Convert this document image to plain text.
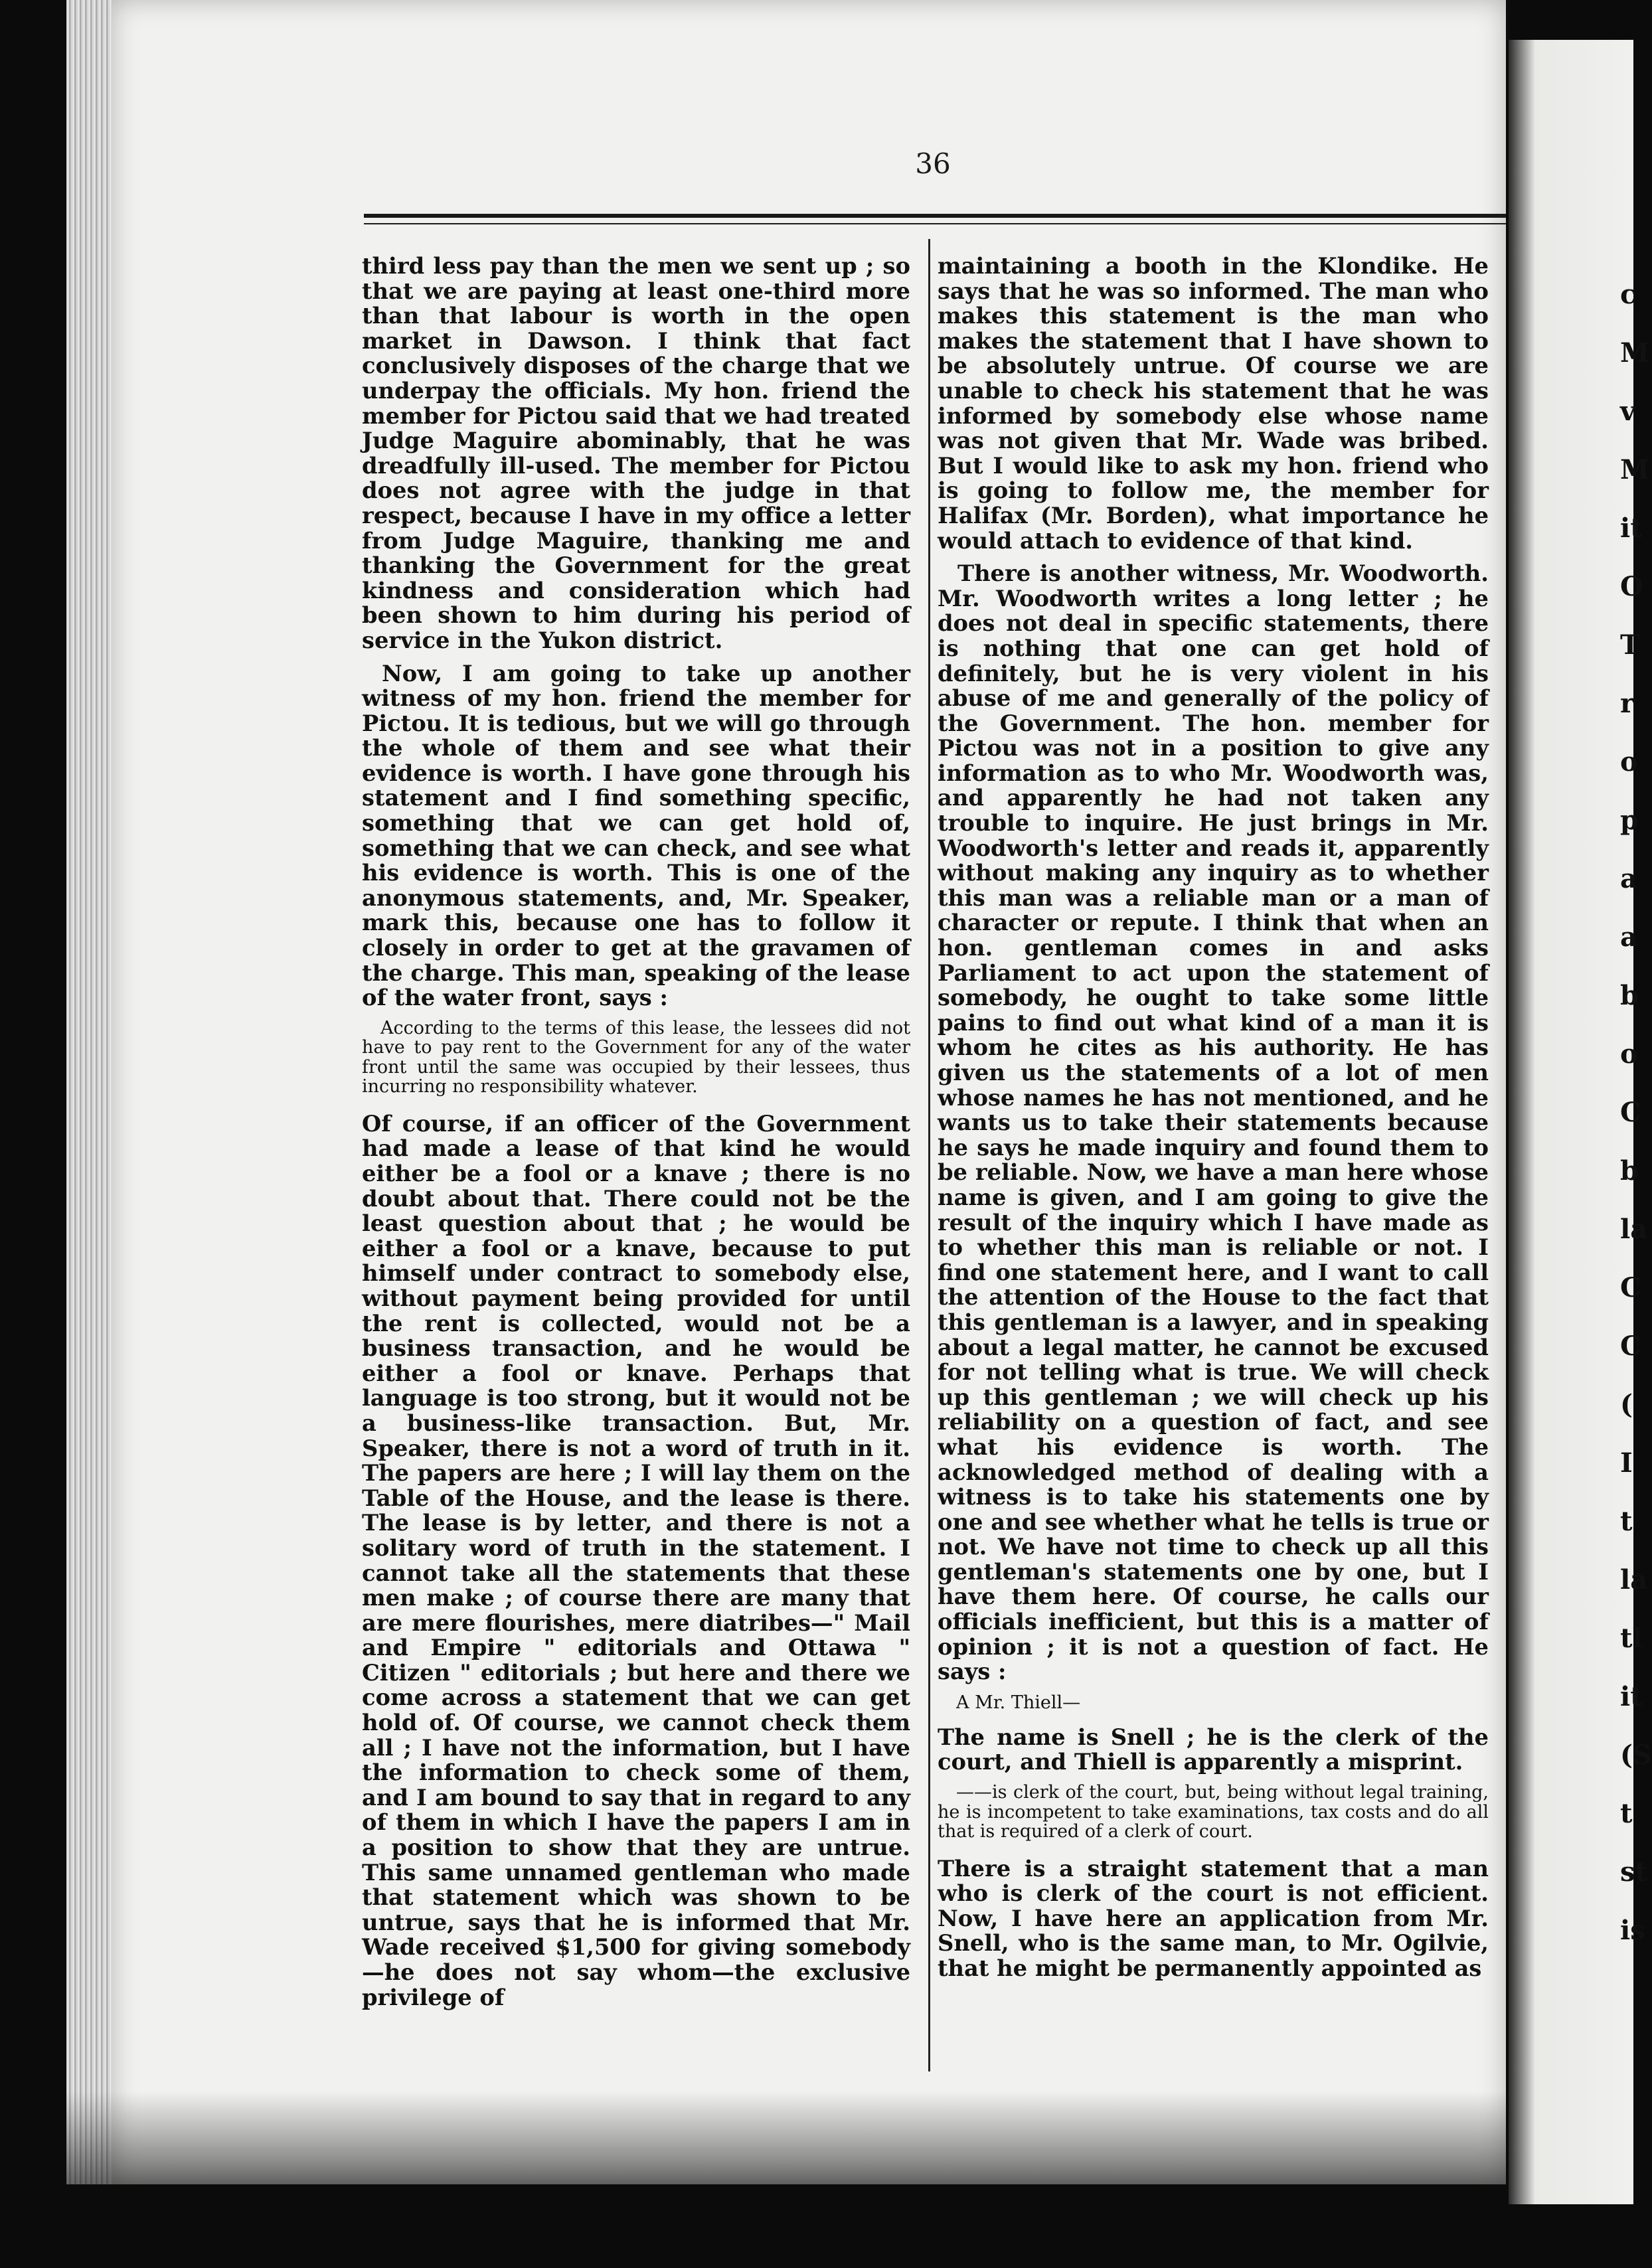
36

third less pay than the men we sent up ; so that we are paying at least one-third more than that labour is worth in the open market in Dawson. I think that fact conclusively disposes of the charge that we underpay the officials. My hon. friend the member for Pictou said that we had treated Judge Maguire abominably, that he was dreadfully ill-used. The member for Pictou does not agree with the judge in that respect, because I have in my office a letter from Judge Maguire, thanking me and thanking the Government for the great kindness and consideration which had been shown to him during his period of service in the Yukon district.

Now, I am going to take up another witness of my hon. friend the member for Pictou. It is tedious, but we will go through the whole of them and see what their evidence is worth. I have gone through his statement and I find something specific, something that we can get hold of, something that we can check, and see what his evidence is worth. This is one of the anonymous statements, and, Mr. Speaker, mark this, because one has to follow it closely in order to get at the gravamen of the charge. This man, speaking of the lease of the water front, says :

According to the terms of this lease, the lessees did not have to pay rent to the Government for any of the water front until the same was occupied by their lessees, thus incurring no responsibility whatever.

Of course, if an officer of the Government had made a lease of that kind he would either be a fool or a knave ; there is no doubt about that. There could not be the least question about that ; he would be either a fool or a knave, because to put himself under contract to somebody else, without payment being provided for until the rent is collected, would not be a business transaction, and he would be either a fool or knave. Perhaps that language is too strong, but it would not be a business-like transaction. But, Mr. Speaker, there is not a word of truth in it. The papers are here ; I will lay them on the Table of the House, and the lease is there. The lease is by letter, and there is not a solitary word of truth in the statement. I cannot take all the statements that these men make ; of course there are many that are mere flourishes, mere diatribes—" Mail and Empire " editorials and Ottawa " Citizen " editorials ; but here and there we come across a statement that we can get hold of. Of course, we cannot check them all ; I have not the information, but I have the information to check some of them, and I am bound to say that in regard to any of them in which I have the papers I am in a position to show that they are untrue. This same unnamed gentleman who made that statement which was shown to be untrue, says that he is informed that Mr. Wade received $1,500 for giving somebody—he does not say whom—the exclusive privilege of

maintaining a booth in the Klondike. He says that he was so informed. The man who makes this statement is the man who makes the statement that I have shown to be absolutely untrue. Of course we are unable to check his statement that he was informed by somebody else whose name was not given that Mr. Wade was bribed. But I would like to ask my hon. friend who is going to follow me, the member for Halifax (Mr. Borden), what importance he would attach to evidence of that kind.

There is another witness, Mr. Woodworth. Mr. Woodworth writes a long letter ; he does not deal in specific statements, there is nothing that one can get hold of definitely, but he is very violent in his abuse of me and generally of the policy of the Government. The hon. member for Pictou was not in a position to give any information as to who Mr. Woodworth was, and apparently he had not taken any trouble to inquire. He just brings in Mr. Woodworth's letter and reads it, apparently without making any inquiry as to whether this man was a reliable man or a man of character or repute. I think that when an hon. gentleman comes in and asks Parliament to act upon the statement of somebody, he ought to take some little pains to find out what kind of a man it is whom he cites as his authority. He has given us the statements of a lot of men whose names he has not mentioned, and he wants us to take their statements because he says he made inquiry and found them to be reliable. Now, we have a man here whose name is given, and I am going to give the result of the inquiry which I have made as to whether this man is reliable or not. I find one statement here, and I want to call the attention of the House to the fact that this gentleman is a lawyer, and in speaking about a legal matter, he cannot be excused for not telling what is true. We will check up this gentleman ; we will check up his reliability on a question of fact, and see what his evidence is worth. The acknowledged method of dealing with a witness is to take his statements one by one and see whether what he tells is true or not. We have not time to check up all this gentleman's statements one by one, but I have them here. Of course, he calls our officials inefficient, but this is a matter of opinion ; it is not a question of fact. He says :

A Mr. Thiell—

The name is Snell ; he is the clerk of the court, and Thiell is apparently a misprint.

——is clerk of the court, but, being without legal training, he is incompetent to take examinations, tax costs and do all that is required of a clerk of court.

There is a straight statement that a man who is clerk of the court is not efficient. Now, I have here an application from Mr. Snell, who is the same man, to Mr. Ogilvie, that he might be permanently appointed as

c
M
v
M
it
O
T
r
o
p
a
a
b
o
C
b
la
C
C
(
I
t
la
tl
it
(S
t
st
is
